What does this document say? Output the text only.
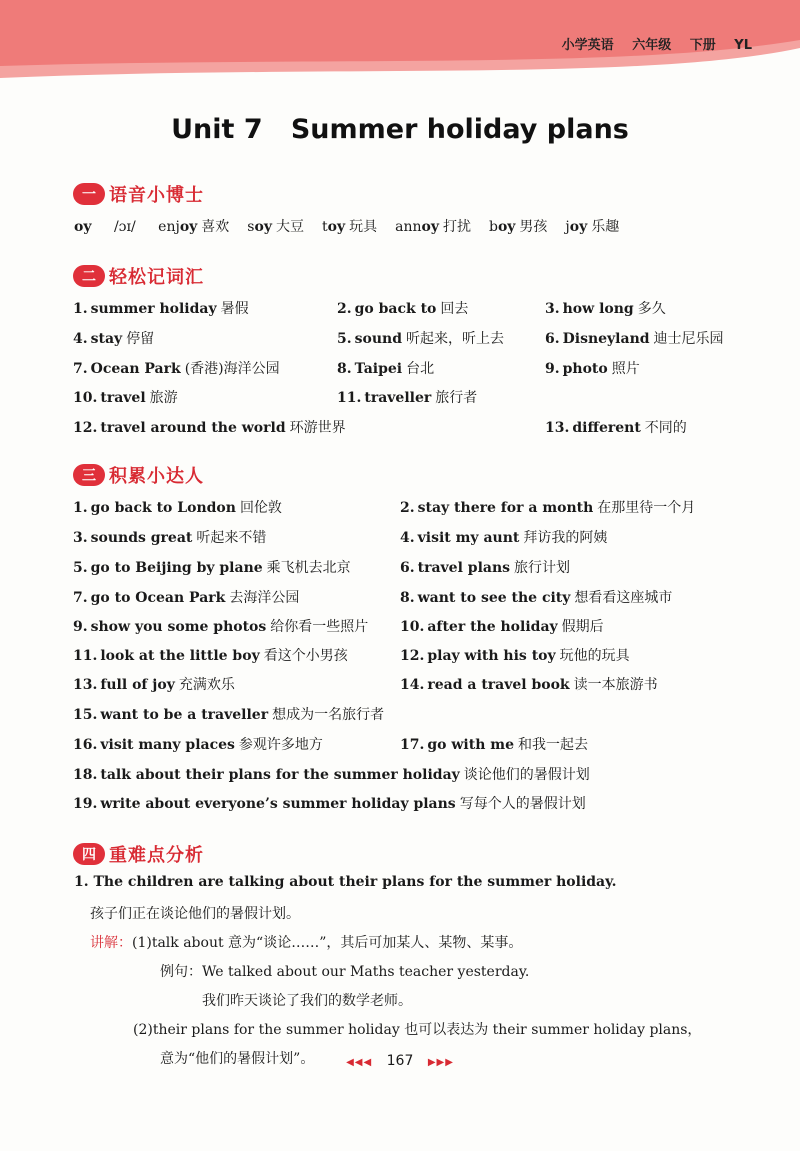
小学英语 六年级 下册 YL
Unit 7   Summer holiday plans
一 语音小博士
oy /ɔɪ/ enjoy 喜欢 soy 大豆 toy 玩具 annoy 打扰 boy 男孩 joy 乐趣
二 轻松记词汇
1. summer holiday 暑假	2. go back to 回去	3. how long 多久
4. stay 停留	5. sound 听起来，听上去	6. Disneyland 迪士尼乐园
7. Ocean Park (香港)海洋公园	8. Taipei 台北	9. photo 照片
10. travel 旅游	11. traveller 旅行者
12. travel around the world 环游世界	13. different 不同的
三 积累小达人
1. go back to London 回伦敦	2. stay there for a month 在那里待一个月
3. sounds great 听起来不错	4. visit my aunt 拜访我的阿姨
5. go to Beijing by plane 乘飞机去北京	6. travel plans 旅行计划
7. go to Ocean Park 去海洋公园	8. want to see the city 想看看这座城市
9. show you some photos 给你看一些照片 10. after the holiday 假期后
11. look at the little boy 看这个小男孩	12. play with his toy 玩他的玩具
13. full of joy 充满欢乐	14. read a travel book 读一本旅游书
15. want to be a traveller 想成为一名旅行者
16. visit many places 参观许多地方	17. go with me 和我一起去
18. talk about their plans for the summer holiday 谈论他们的暑假计划
19. write about everyone’s summer holiday plans 写每个人的暑假计划
四 重难点分析
1. The children are talking about their plans for the summer holiday.
孩子们正在谈论他们的暑假计划。
讲解：(1)talk about 意为“谈论……”，其后可加某人、某物、某事。
例句：We talked about our Maths teacher yesterday.
我们昨天谈论了我们的数学老师。
(2)their plans for the summer holiday 也可以表达为 their summer holiday plans，
意为“他们的暑假计划”。	◀◀◀ 167 ▶▶▶
